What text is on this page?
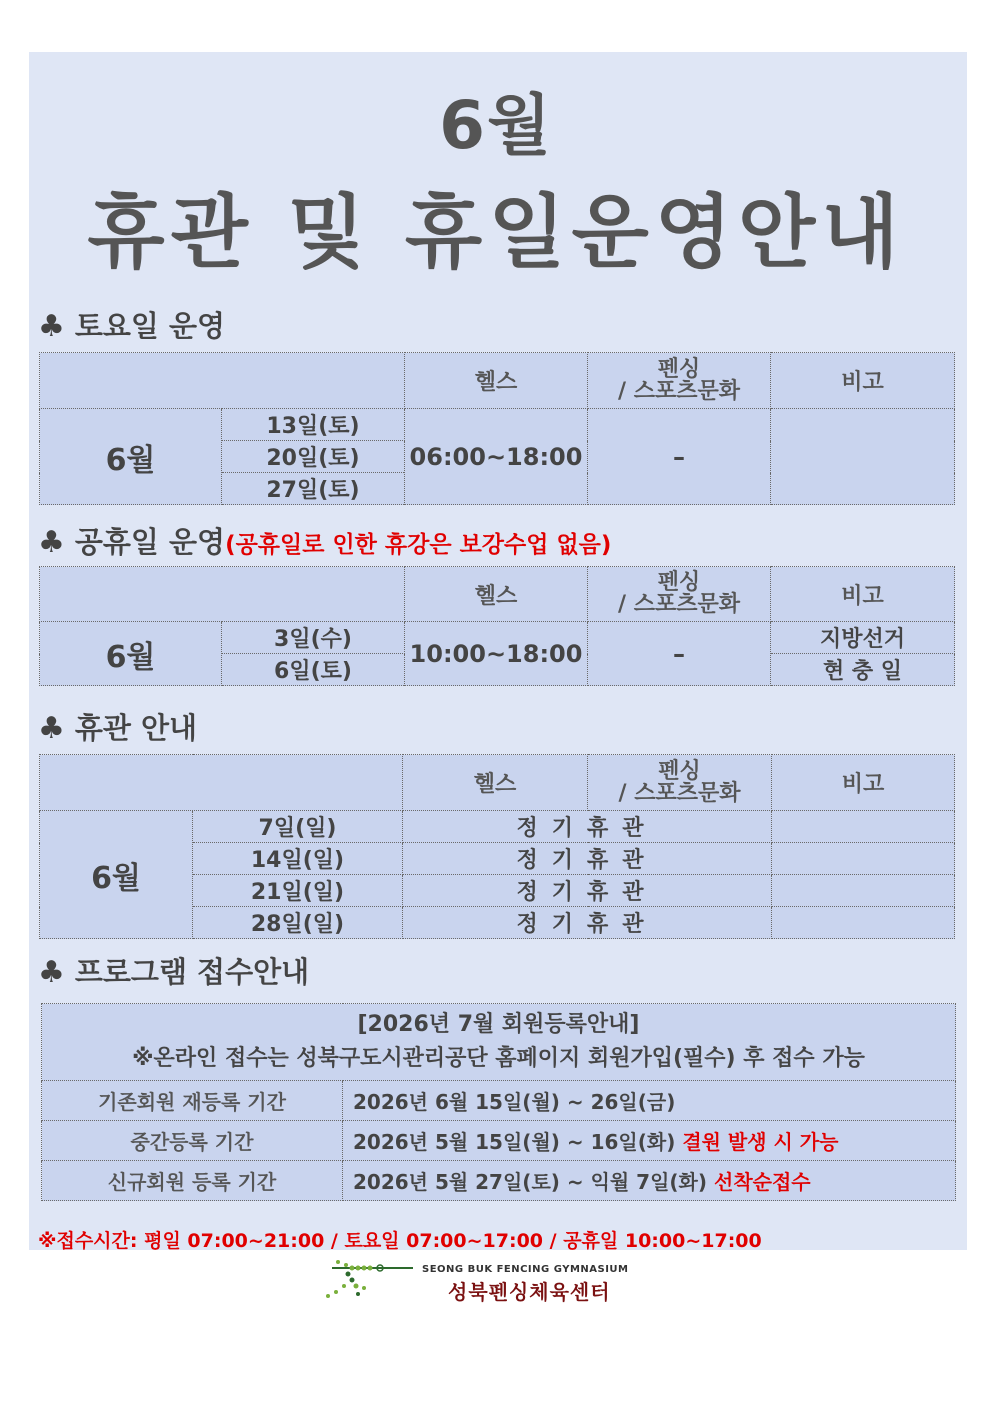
6월
휴관 및 휴일운영안내
♣ 토요일 운영
		헬스	펜싱
/ 스포츠문화	비고
6월	13일(토)	06:00~18:00	–	
	20일(토)			
	27일(토)			
♣ 공휴일 운영(공휴일로 인한 휴강은 보강수업 없음)
		헬스	펜싱
/ 스포츠문화	비고
6월	3일(수)	10:00~18:00	–	지방선거
	6일(토)			현 충 일
♣ 휴관 안내
		헬스	펜싱
/ 스포츠문화	비고
6월	7일(일)	정기휴관		
	14일(일)	정기휴관		
	21일(일)	정기휴관		
	28일(일)	정기휴관		
♣ 프로그램 접수안내
[2026년 7월 회원등록안내]
※온라인 접수는 성북구도시관리공단 홈페이지 회원가입(필수) 후 접수 가능	

기존회원 재등록 기간	2026년 6월 15일(월) ~ 26일(금)
중간등록 기간	2026년 5월 15일(월) ~ 16일(화) 결원 발생 시 가능
신규회원 등록 기간	2026년 5월 27일(토) ~ 익월 7일(화) 선착순접수
※접수시간: 평일 07:00~21:00 / 토요일 07:00~17:00 / 공휴일 10:00~17:00
SEONG BUK FENCING GYMNASIUM
성북펜싱체육센터
